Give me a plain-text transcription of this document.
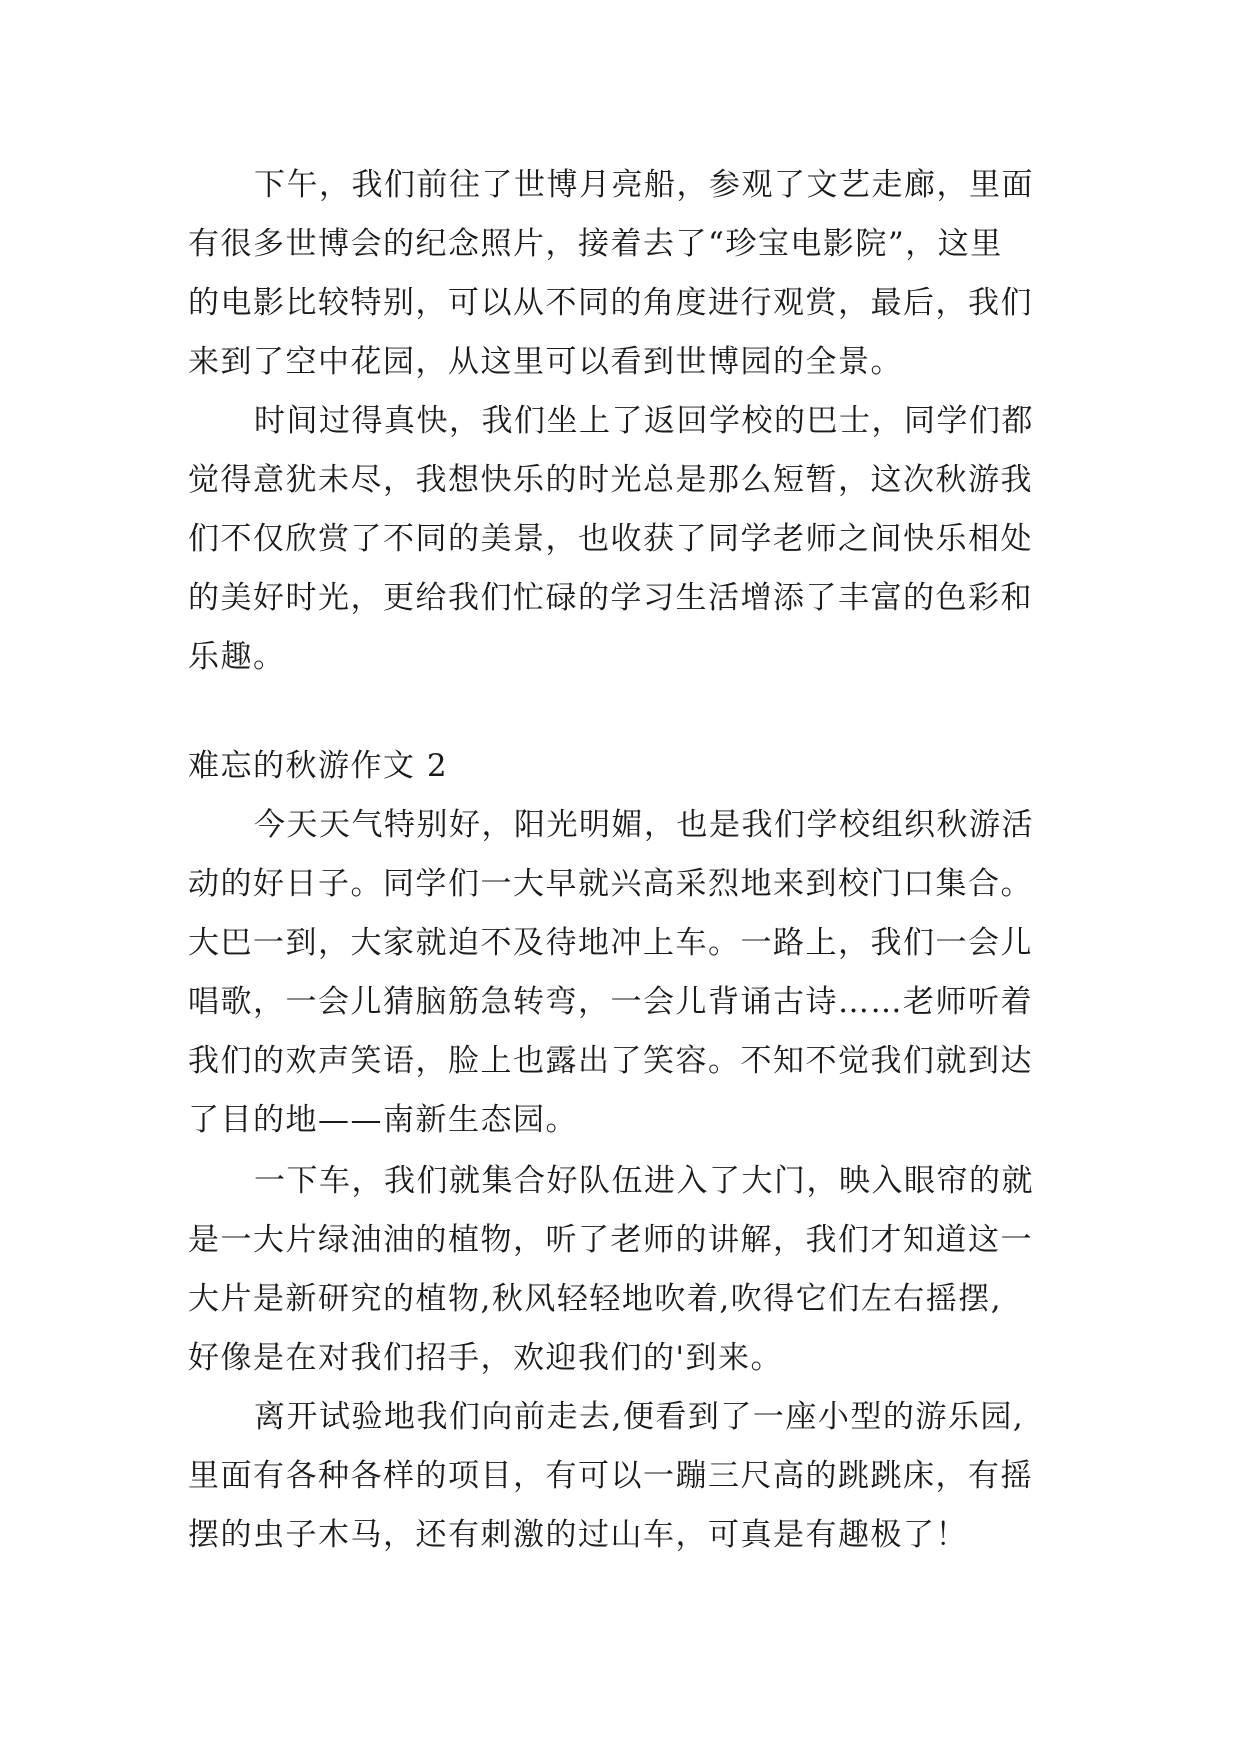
下午，我们前往了世博月亮船，参观了文艺走廊，里面
有很多世博会的纪念照片，接着去了“珍宝电影院”，这里
的电影比较特别，可以从不同的角度进行观赏，最后，我们
来到了空中花园，从这里可以看到世博园的全景。
时间过得真快，我们坐上了返回学校的巴士，同学们都
觉得意犹未尽，我想快乐的时光总是那么短暂，这次秋游我
们不仅欣赏了不同的美景，也收获了同学老师之间快乐相处
的美好时光，更给我们忙碌的学习生活增添了丰富的色彩和
乐趣。
难忘的秋游作文 2
今天天气特别好，阳光明媚，也是我们学校组织秋游活
动的好日子。同学们一大早就兴高采烈地来到校门口集合。
大巴一到，大家就迫不及待地冲上车。一路上，我们一会儿
唱歌，一会儿猜脑筋急转弯，一会儿背诵古诗……老师听着
我们的欢声笑语，脸上也露出了笑容。不知不觉我们就到达
了目的地——南新生态园。
一下车，我们就集合好队伍进入了大门，映入眼帘的就
是一大片绿油油的植物，听了老师的讲解，我们才知道这一
大片是新研究的植物,秋风轻轻地吹着,吹得它们左右摇摆,
好像是在对我们招手，欢迎我们的'到来。
离开试验地我们向前走去,便看到了一座小型的游乐园,
里面有各种各样的项目，有可以一蹦三尺高的跳跳床，有摇
摆的虫子木马，还有刺激的过山车，可真是有趣极了！
